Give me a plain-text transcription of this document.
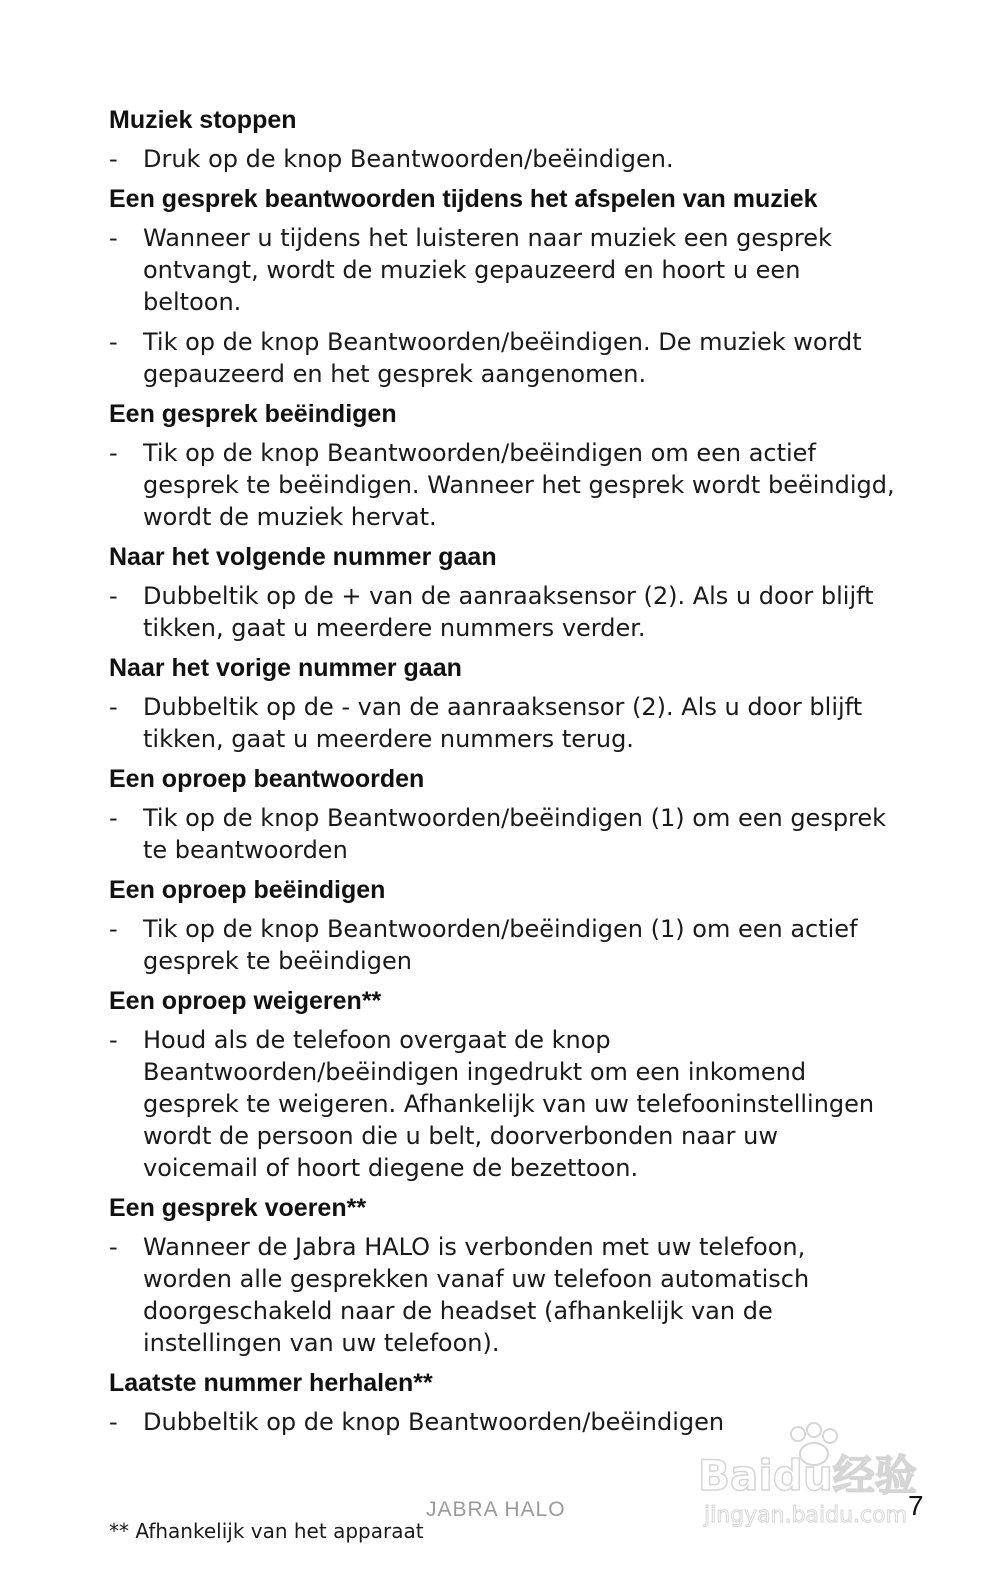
Muziek stoppen
- Druk op de knop Beantwoorden/beëindigen.
Een gesprek beantwoorden tijdens het afspelen van muziek
- Wanneer u tijdens het luisteren naar muziek een gesprek ontvangt, wordt de muziek gepauzeerd en hoort u een beltoon.
- Tik op de knop Beantwoorden/beëindigen. De muziek wordt gepauzeerd en het gesprek aangenomen.
Een gesprek beëindigen
- Tik op de knop Beantwoorden/beëindigen om een actief gesprek te beëindigen. Wanneer het gesprek wordt beëindigd, wordt de muziek hervat.
Naar het volgende nummer gaan
- Dubbeltik op de + van de aanraaksensor (2). Als u door blijft tikken, gaat u meerdere nummers verder.
Naar het vorige nummer gaan
- Dubbeltik op de - van de aanraaksensor (2). Als u door blijft tikken, gaat u meerdere nummers terug.
Een oproep beantwoorden
- Tik op de knop Beantwoorden/beëindigen (1) om een gesprek te beantwoorden
Een oproep beëindigen
- Tik op de knop Beantwoorden/beëindigen (1) om een actief gesprek te beëindigen
Een oproep weigeren**
- Houd als de telefoon overgaat de knop Beantwoorden/beëindigen ingedrukt om een inkomend gesprek te weigeren. Afhankelijk van uw telefooninstellingen wordt de persoon die u belt, doorverbonden naar uw voicemail of hoort diegene de bezettoon.
Een gesprek voeren**
- Wanneer de Jabra HALO is verbonden met uw telefoon, worden alle gesprekken vanaf uw telefoon automatisch doorgeschakeld naar de headset (afhankelijk van de instellingen van uw telefoon).
Laatste nummer herhalen**
- Dubbeltik op de knop Beantwoorden/beëindigen
Baidu经验
jingyan.baidu.com
JABRA HALO
** Afhankelijk van het apparaat
7
